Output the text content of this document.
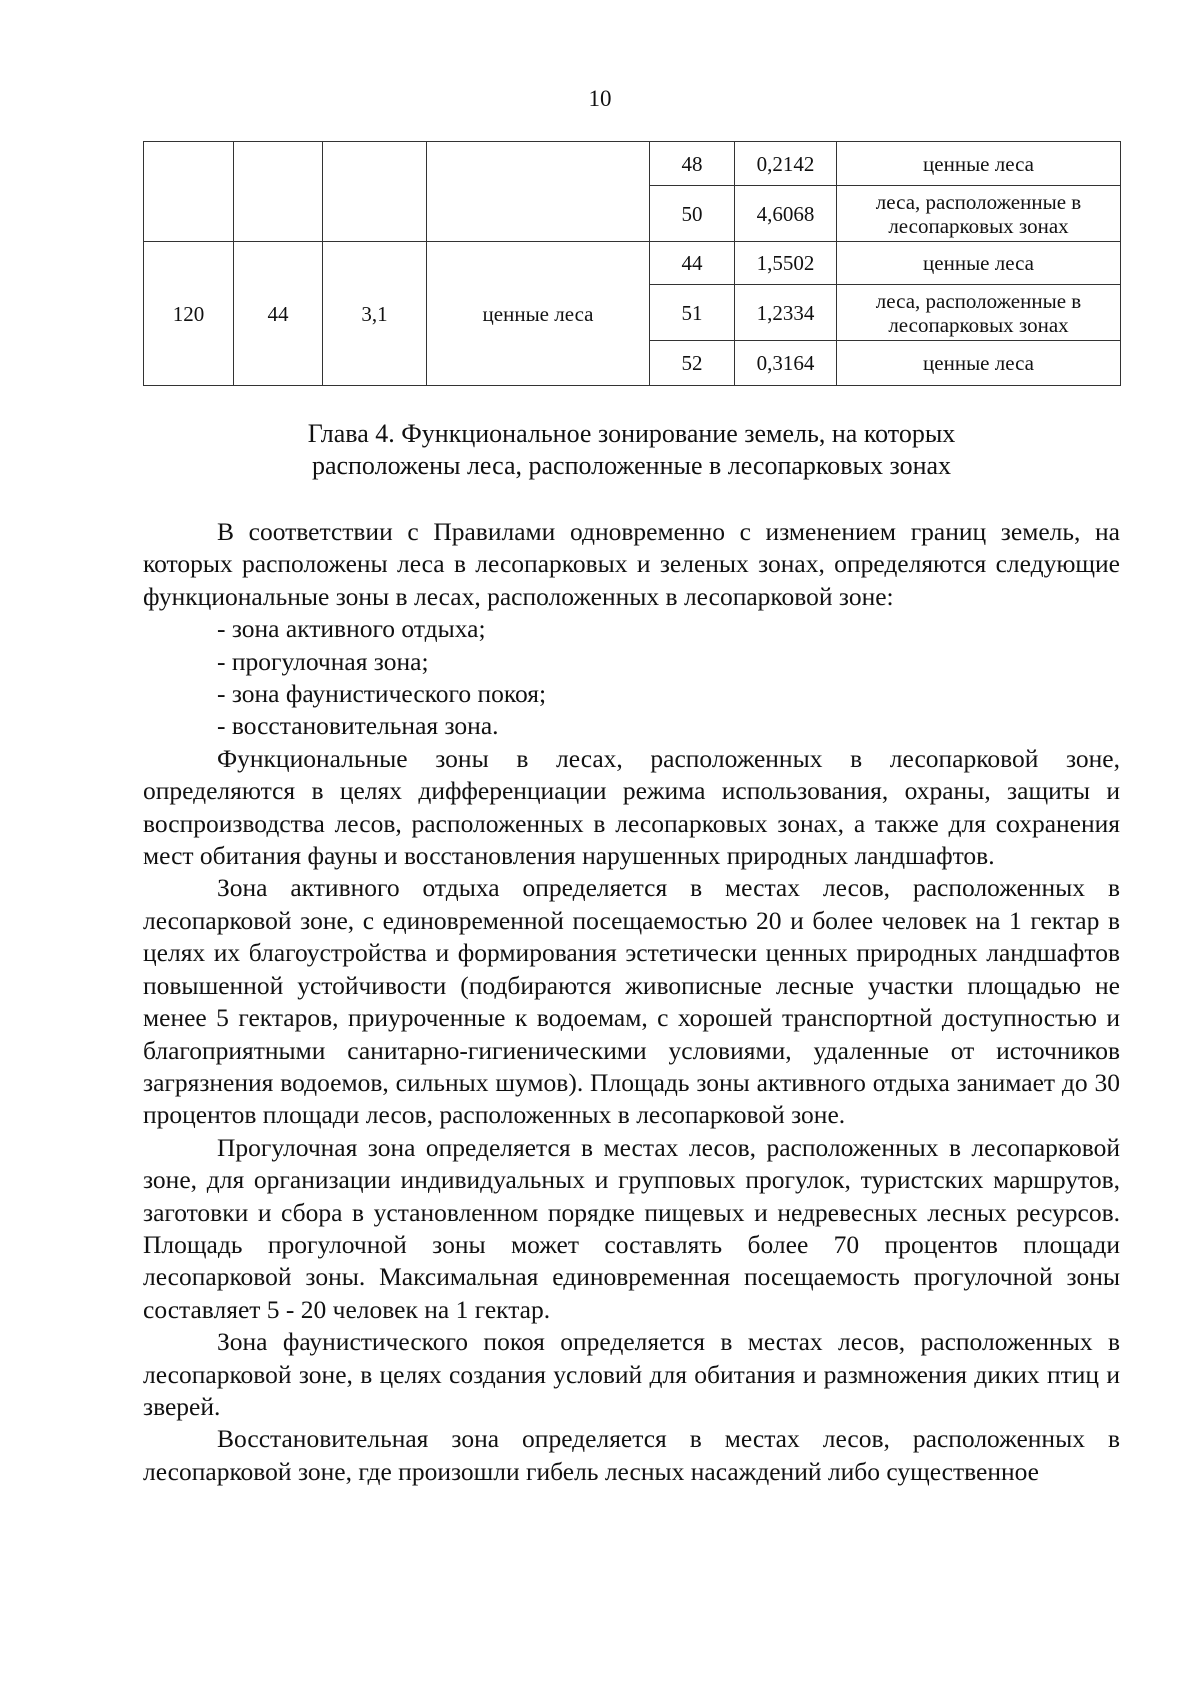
10
				48	0,2142	ценные леса
				50	4,6068	леса, расположенные в лесопарковых зонах
120	44	3,1	ценные леса	44	1,5502	ценные леса
				51	1,2334	леса, расположенные в лесопарковых зонах
				52	0,3164	ценные леса
Глава 4. Функциональное зонирование земель, на которых
расположены леса, расположенные в лесопарковых зонах

В соответствии с Правилами одновременно с изменением границ земель, на которых расположены леса в лесопарковых и зеленых зонах, определяются следующие функциональные зоны в лесах, расположенных в лесопарковой зоне:

- зона активного отдыха;

- прогулочная зона;

- зона фаунистического покоя;

- восстановительная зона.

Функциональные зоны в лесах, расположенных в лесопарковой зоне, определяются в целях дифференциации режима использования, охраны, защиты и воспроизводства лесов, расположенных в лесопарковых зонах, а также для сохранения мест обитания фауны и восстановления нарушенных природных ландшафтов.

Зона активного отдыха определяется в местах лесов, расположенных в лесопарковой зоне, с единовременной посещаемостью 20 и более человек на 1 гектар в целях их благоустройства и формирования эстетически ценных природных ландшафтов повышенной устойчивости (подбираются живописные лесные участки площадью не менее 5 гектаров, приуроченные к водоемам, с хорошей транспортной доступностью и благоприятными санитарно-гигиеническими условиями, удаленные от источников загрязнения водоемов, сильных шумов). Площадь зоны активного отдыха занимает до 30 процентов площади лесов, расположенных в лесопарковой зоне.

Прогулочная зона определяется в местах лесов, расположенных в лесопарковой зоне, для организации индивидуальных и групповых прогулок, туристских маршрутов, заготовки и сбора в установленном порядке пищевых и недревесных лесных ресурсов. Площадь прогулочной зоны может составлять более 70 процентов площади лесопарковой зоны. Максимальная единовременная посещаемость прогулочной зоны составляет 5 - 20 человек на 1 гектар.

Зона фаунистического покоя определяется в местах лесов, расположенных в лесопарковой зоне, в целях создания условий для обитания и размножения диких птиц и зверей.

Восстановительная зона определяется в местах лесов, расположенных в лесопарковой зоне, где произошли гибель лесных насаждений либо существенное
